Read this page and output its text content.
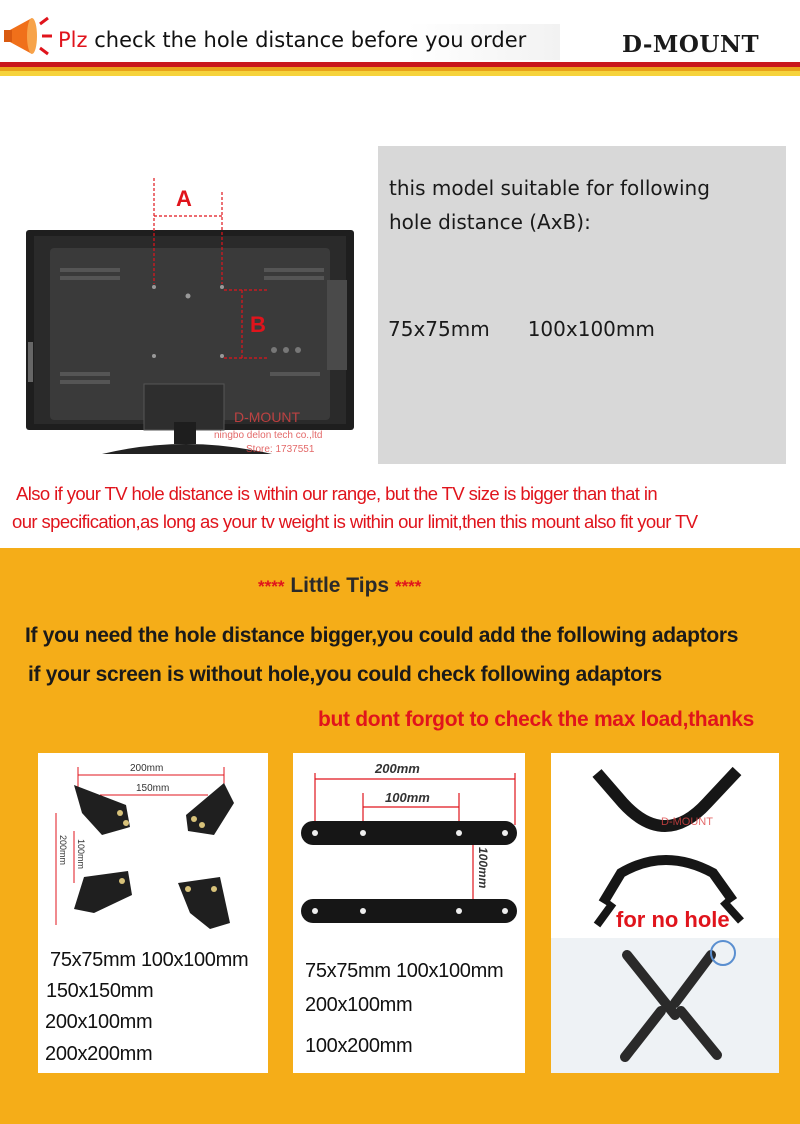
Plz check the hole distance before you order	D-MOUNT
A
B
D-MOUNT
ningbo delon tech co.,ltd
Store: 1737551
this model suitable for following
hole distance (AxB):
75x75mm 100x100mm
Also if your TV hole distance is within our range, but the TV size is bigger than that in
our specification,as long as your tv weight is within our limit,then this mount also fit your TV
**** Little Tips ****
If you need the hole distance bigger,you could add the following adaptors
if your screen is without hole,you could check following adaptors
but dont forgot to check the max load,thanks
200mm
150mm
100mm
200mm
75x75mm 100x100mm
150x150mm
200x100mm
200x200mm
200mm
100mm
100mm
75x75mm 100x100mm
200x100mm
100x200mm
D-MOUNT
for no hole
